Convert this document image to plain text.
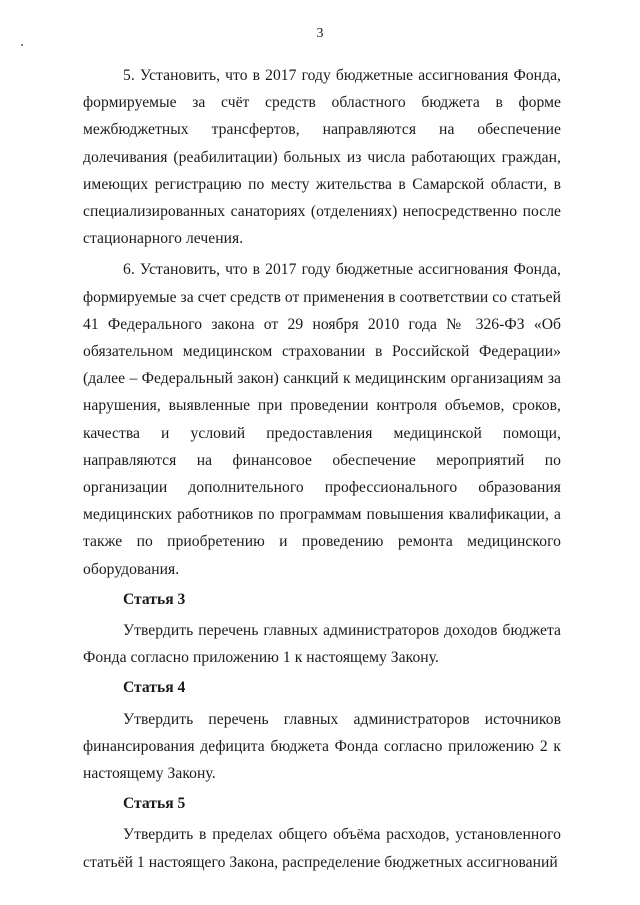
3

5. Установить, что в 2017 году бюджетные ассигнования Фонда, формируемые за счёт средств областного бюджета в форме межбюджетных трансфертов, направляются на обеспечение долечивания (реабилитации) больных из числа работающих граждан, имеющих регистрацию по месту жительства в Самарской области, в специализированных санаториях (отделениях) непосредственно после стационарного лечения.

6. Установить, что в 2017 году бюджетные ассигнования Фонда, формируемые за счет средств от применения в соответствии со статьей 41 Федерального закона от 29 ноября 2010 года № 326-ФЗ «Об обязательном медицинском страховании в Российской Федерации» (далее – Федеральный закон) санкций к медицинским организациям за нарушения, выявленные при проведении контроля объемов, сроков, качества и условий предоставления медицинской помощи, направляются на финансовое обеспечение мероприятий по организации дополнительного профессионального образования медицинских работников по программам повышения квалификации, а также по приобретению и проведению ремонта медицинского оборудования.

Статья 3

Утвердить перечень главных администраторов доходов бюджета Фонда согласно приложению 1 к настоящему Закону.

Статья 4

Утвердить перечень главных администраторов источников финансирования дефицита бюджета Фонда согласно приложению 2 к настоящему Закону.

Статья 5

Утвердить в пределах общего объёма расходов, установленного статьёй 1 настоящего Закона, распределение бюджетных ассигнований
